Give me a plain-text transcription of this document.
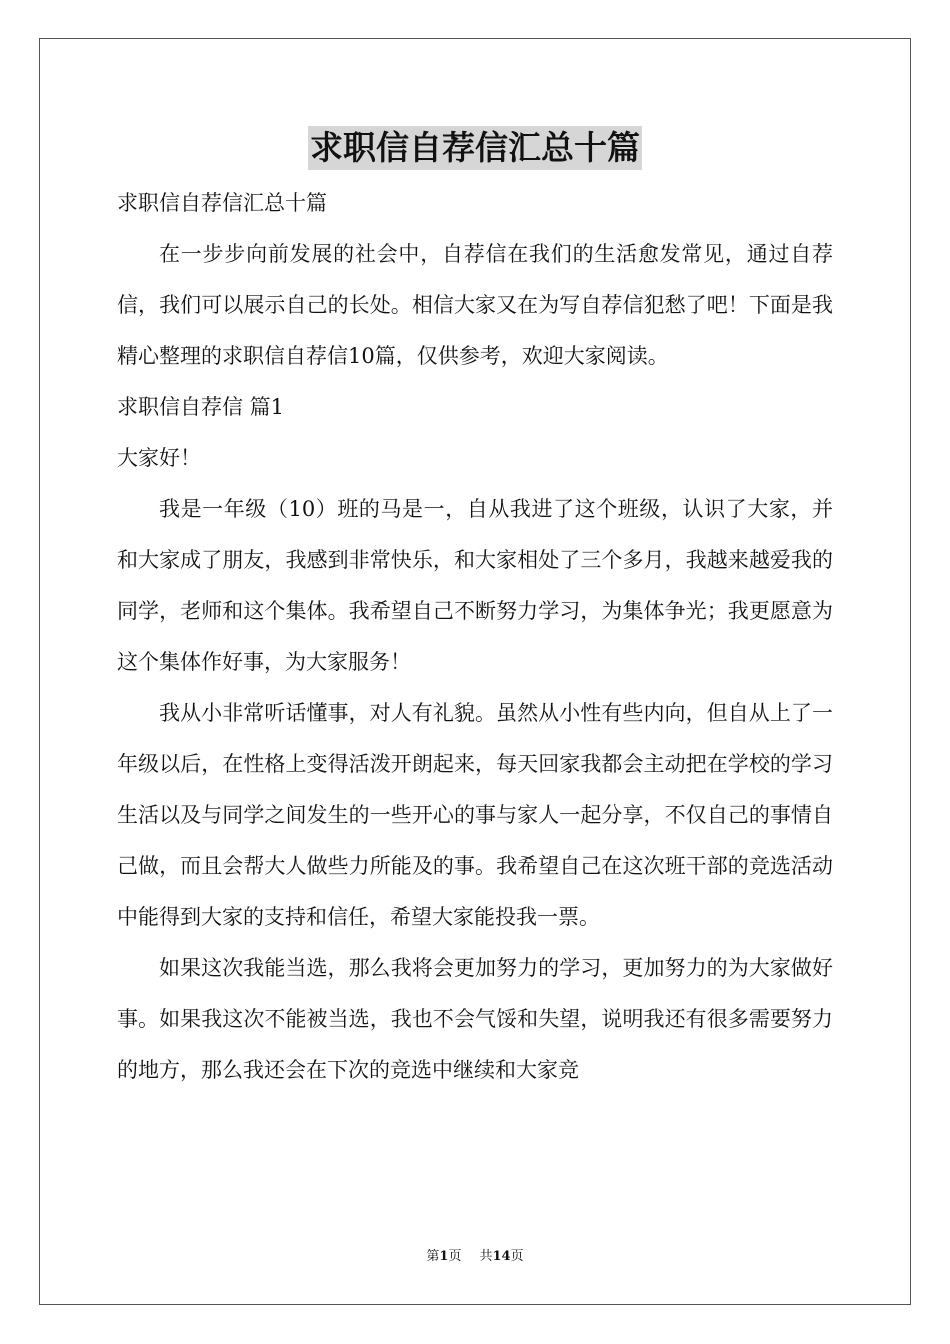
求职信自荐信汇总十篇

求职信自荐信汇总十篇

在一步步向前发展的社会中，自荐信在我们的生活愈发常见，通过自荐信，我们可以展示自己的长处。相信大家又在为写自荐信犯愁了吧！下面是我精心整理的求职信自荐信10篇，仅供参考，欢迎大家阅读。

求职信自荐信 篇1

大家好！

我是一年级（10）班的马是一，自从我进了这个班级，认识了大家，并和大家成了朋友，我感到非常快乐，和大家相处了三个多月，我越来越爱我的同学，老师和这个集体。我希望自己不断努力学习，为集体争光；我更愿意为这个集体作好事，为大家服务！

我从小非常听话懂事，对人有礼貌。虽然从小性有些内向，但自从上了一年级以后，在性格上变得活泼开朗起来，每天回家我都会主动把在学校的学习生活以及与同学之间发生的一些开心的事与家人一起分享，不仅自己的事情自己做，而且会帮大人做些力所能及的事。我希望自己在这次班干部的竞选活动中能得到大家的支持和信任，希望大家能投我一票。

如果这次我能当选，那么我将会更加努力的学习，更加努力的为大家做好事。如果我这次不能被当选，我也不会气馁和失望，说明我还有很多需要努力的地方，那么我还会在下次的竞选中继续和大家竞

第1页 共14页
